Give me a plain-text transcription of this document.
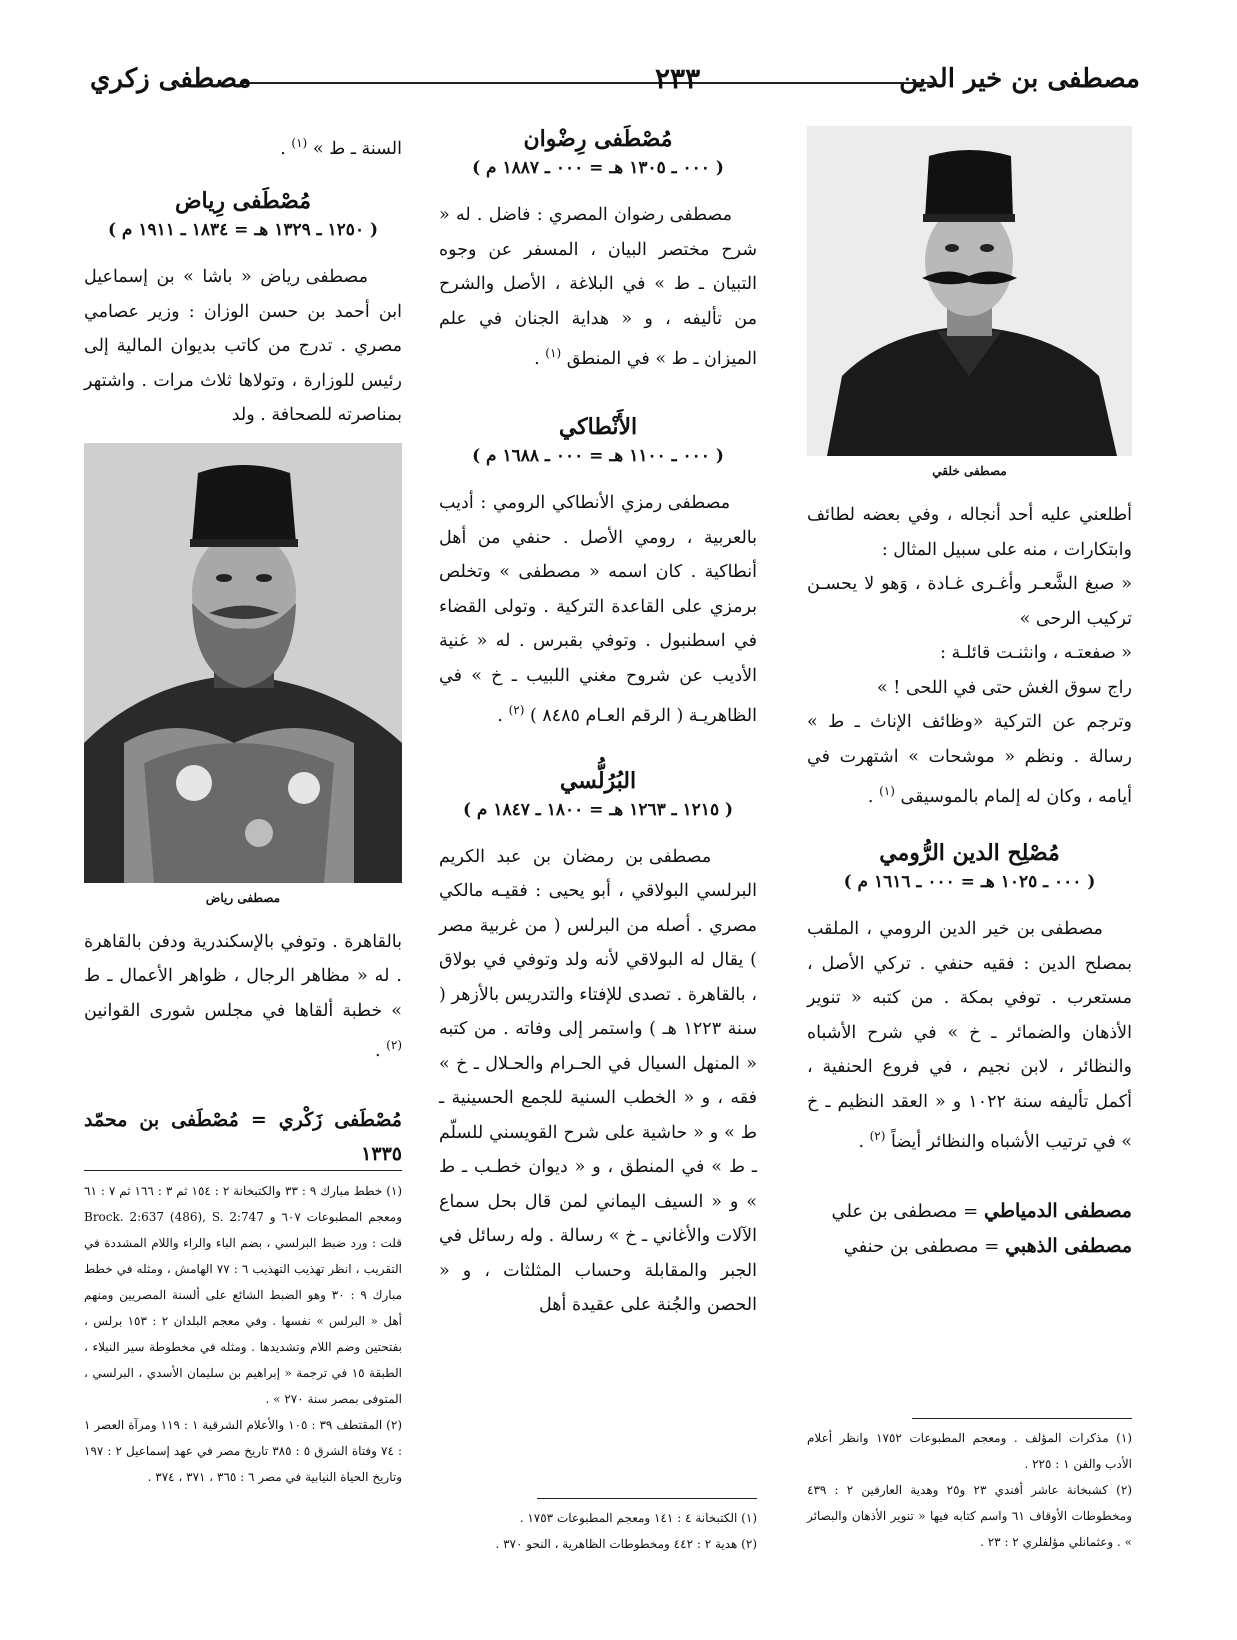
مصطفى بن خير الدين
٢٣٣
مصطفى زكري
مصطفى خلقي

أطلعني عليه أحد أنجاله ، وفي بعضه لطائف وابتكارات ، منه على سبيل المثال :

« صبغ الشَّعـر وأغـرى غـادة ، وَهو لا يحسـن تركيب الرحى »

« صفعتـه ، وانثنـت قائلـة :

راج سوق الغش حتى في اللحى ! »

وترجم عن التركية «وظائف الإناث ـ ط » رسالة . ونظم « موشحات » اشتهرت في أيامه ، وكان له إلمام بالموسيقى $^{(١)}$ .

مُصْلِح الدين الرُّومي
( ٠٠٠ ـ ١٠٢٥ هـ = ٠٠٠ ـ ١٦١٦ م )

مصطفى بن خير الدين الرومي ، الملقب بمصلح الدين : فقيه حنفي . تركي الأصل ، مستعرب . توفي بمكة . من كتبه « تنوير الأذهان والضمائر ـ خ » في شرح الأشباه والنظائر ، لابن نجيم ، في فروع الحنفية ، أكمل تأليفه سنة ١٠٢٢ و « العقد النظيم ـ خ » في ترتيب الأشباه والنظائر أيضاً $^{(٢)}$ .

مصطفى الدمياطي = مصطفى بن علي

مصطفى الذهبي = مصطفى بن حنفي

مُصْطَفى رِضْوان
( ٠٠٠ ـ ١٣٠٥ هـ = ٠٠٠ ـ ١٨٨٧ م )

مصطفى رضوان المصري : فاضل . له « شرح مختصر البيان ، المسفر عن وجوه التبيان ـ ط » في البلاغة ، الأصل والشرح من تأليفه ، و « هداية الجنان في علم الميزان ـ ط » في المنطق $^{(١)}$ .

الأَنْطاكي
( ٠٠٠ ـ ١١٠٠ هـ = ٠٠٠ ـ ١٦٨٨ م )

مصطفى رمزي الأنطاكي الرومي : أديب بالعربية ، رومي الأصل . حنفي من أهل أنطاكية . كان اسمه « مصطفى » وتخلص برمزي على القاعدة التركية . وتولى القضاء في اسطنبول . وتوفي بقبرس . له « غنية الأديب عن شروح مغني اللبيب ـ خ » في الظاهريـة ( الرقم العـام ٨٤٨٥ ) $^{(٢)}$ .

البُرُلُّسي
( ١٢١٥ ـ ١٢٦٣ هـ = ١٨٠٠ ـ ١٨٤٧ م )

مصطفى بن رمضان بن عبد الكريم البرلسي البولاقي ، أبو يحيى : فقيـه مالكي مصري . أصله من البرلس ( من غربية مصر ) يقال له البولاقي لأنه ولد وتوفي في بولاق ، بالقاهرة . تصدى للإفتاء والتدريس بالأزهر ( سنة ١٢٢٣ هـ ) واستمر إلى وفاته . من كتبه « المنهل السيال في الحـرام والحـلال ـ خ » فقه ، و « الخطب السنية للجمع الحسينية ـ ط » و « حاشية على شرح القويسني للسلّم ـ ط » في المنطق ، و « ديوان خطـب ـ ط » و « السيف اليماني لمن قال بحل سماع الآلات والأغاني ـ خ » رسالة . وله رسائل في الجبر والمقابلة وحساب المثلثات ، و « الحصن والجُنة على عقيدة أهل

السنة ـ ط » $^{(١)}$ .

مُصْطَفى رِياض
( ١٢٥٠ ـ ١٣٢٩ هـ = ١٨٣٤ ـ ١٩١١ م )

مصطفى رياض « باشا » بن إسماعيل ابن أحمد بن حسن الوزان : وزير عصامي مصري . تدرج من كاتب بديوان المالية إلى رئيس للوزارة ، وتولاها ثلاث مرات . واشتهر بمناصرته للصحافة . ولد

مصطفى رياض

بالقاهرة . وتوفي بالإسكندرية ودفن بالقاهرة . له « مظاهر الرجال ، ظواهر الأعمال ـ ط » خطبة ألقاها في مجلس شورى القوانين $^{(٢)}$ .

مُصْطَفى زَكْري = مُصْطَفى بن محمّد ١٣٣٥

(١) خطط مبارك ٩ : ٣٣ والكتبخانة ٢ : ١٥٤ ثم ٣ : ١٦٦ ثم ٧ : ٦١ ومعجم المطبوعات ٦٠٧ و Brock. 2:637 (486), S. 2:747 قلت : ورد ضبط البرلسي ، بضم الباء والراء واللام المشددة في التقريب ، انظر تهذيب التهذيب ٦ : ٧٧ الهامش ، ومثله في خطط مبارك ٩ : ٣٠ وهو الضبط الشائع على ألسنة المصريين ومنهم أهل « البرلس » نفسها . وفي معجم البلدان ٢ : ١٥٣ برلس ، بفتحتين وضم اللام وتشديدها . ومثله في مخطوطة سير النبلاء ، الطبقة ١٥ في ترجمة « إبراهيم بن سليمان الأسدي ، البرلسي ، المتوفى بمصر سنة ٢٧٠ » .

(٢) المقتطف ٣٩ : ١٠٥ والأعلام الشرقية ١ : ١١٩ ومرآة العصر ١ : ٧٤ وفتاة الشرق ٥ : ٣٨٥ تاريخ مصر في عهد إسماعيل ٢ : ١٩٧ وتاريخ الحياة النيابية في مصر ٦ : ٣٦٥ ، ٣٧١ ، ٣٧٤ .

(١) الكتبخانة ٤ : ١٤١ ومعجم المطبوعات ١٧٥٣ .

(٢) هدية ٢ : ٤٤٢ ومخطوطات الظاهرية ، النحو ٣٧٠ .

(١) مذكرات المؤلف . ومعجم المطبوعات ١٧٥٢ وانظر أعلام الأدب والفن ١ : ٢٢٥ .

(٢) كشبخانة عاشر أفندي ٢٣ و٢٥ وهدية العارفين ٢ : ٤٣٩ ومخطوطات الأوقاف ٦١ واسم كتابه فيها « تنوير الأذهان والبصائر » . وعثمانلي مؤلفلري ٢ : ٢٣ .
